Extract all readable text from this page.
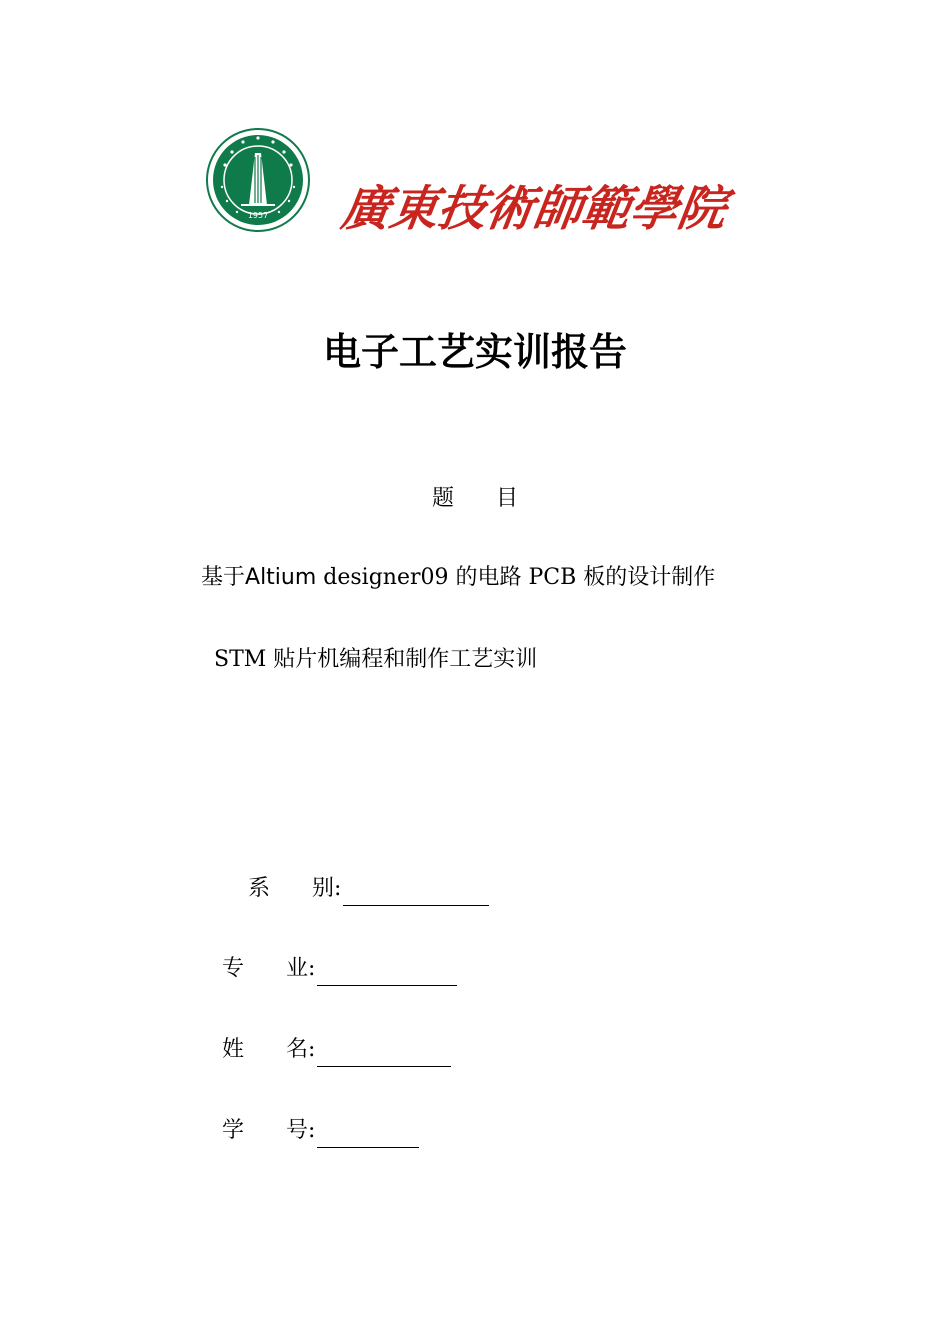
1957 廣東技術師範學院
电子工艺实训报告
题      目
基于Altium designer09 的电路 PCB 板的设计制作
STM 贴片机编程和制作工艺实训
系      别:
专      业:
姓      名:
学      号:
